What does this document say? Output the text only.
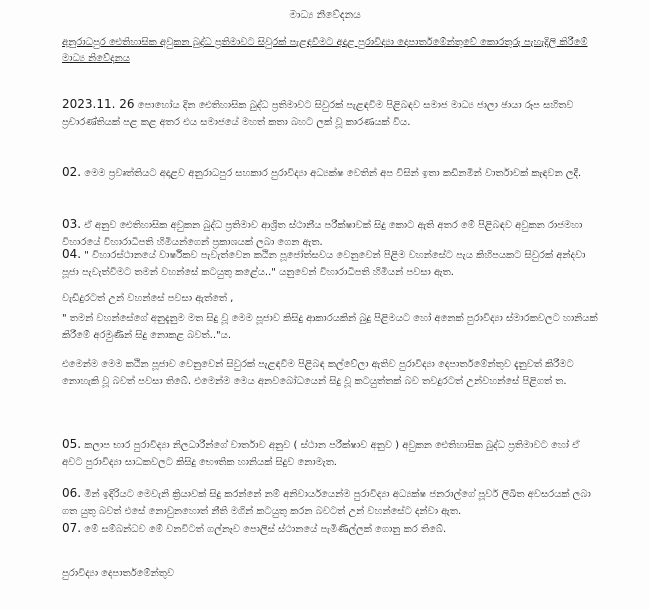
මාධ්‍ය නිවේදනය
අනුරාධපුර ඓතිහාසික අවුකන බුද්ධ ප්‍රතිමාවට සිවුරක් පැළඳවීමට අදාළ පුරාවිද්‍යා දෙපාර්තමේන්තුවේ කොරතුරු පැහැදිලි කිරීමේ මාධ්‍ය නිවේදනය

2023.11. 26 පොහෝය දින ඓතිහාසික බුද්ධ ප්‍රතිමාවට සිවුරක් පැළඳවීම පිළිබඳව සමාජ මාධ්‍ය ජාලා ඡායා රූප සහිතව ප්‍රචාරණ්තියක් පළ කළ අතර එය සමාජයේ මහත් කතා බහට ලක් වූ කාරණයක් විය.

02. මෙම ප්‍රවෘත්තියට අදාළව අනුරාධපුර සහකාර පුරාවිද්‍යා අධ්‍යක්ෂ වෙතින් අප විසින් ඉතා කඩිනමින් වාර්තාවක් කැඳවන ලදී.

03. ඒ අනුව ඓතිහාසික අවුකන බුද්ධ ප්‍රතිමාව ආශ්‍රිත ස්ථානීය පරීක්ෂාවක් සිදු කොට ඇති අතර මේ පිළිබඳව අවුකන රාජමහා විහාරයේ විහාරාධිපති හිමියන්ගෙන් ප්‍රකාශයක් ලබා ගෙන ඇත.

04. " විහාරස්ථානයේ වාර්ෂිකව පැවැත්වෙන කඨින පූජෝත්සවය වෙනුවෙන් පිළිම වහන්සේට පැය කිහිපයකට සිවුරක් අන්දවා පූජා පැවැත්වීමට තමන් වහන්සේ කටයුතු කළේය.." යනුවෙන් විහාරාධිපති හිමියන් පවසා ඇත.

වැඩිදුරටත් උන් වහන්සේ පවසා ඇත්තේ ,

" තමන් වහන්සේගේ අනුදැනුම මත සිදු වූ මෙම පූජාව කිසිදු ආකාරයකින් බුදු පිළිමයට හෝ අනෙක් පුරාවිද්‍යා ස්මාරකවලට හානියක් කිරීමේ අරමුණින් සිදු නොකළ බවත්.."ය.

එමෙන්ම මෙම කඨින පූජාව වෙනුවෙන් සිවුරක් පැළඳවීම පිළිබඳ කල්වේලා ඇතිව පුරාවිද්‍යා දෙපාර්තමේන්තුව දැනුවත් කිරීමට නොහැකි වූ බවත් පවසා තිබේ. එමෙන්ම මෙය අනවබෝධයෙන් සිදු වූ කටයුත්තක් බව තවදුරටත් උන්වහන්සේ පිළිගත් ත.

05. කලාප භාර පුරාවිද්‍යා නිලධාරීන්ගේ වාර්තාව අනුව ( ස්ථාන පරීක්ෂාව අනුව ) අවුකන ඓතිහාසික බුද්ධ ප්‍රතිමාවට හෝ ඒ අවට පුරාවිද්‍යා සාධකවලට කිසිදු භෞතික හානියක් සිදුව නොමැත.

06. මින් ඉදිරියට මෙවැනි ක්‍රියාවක් සිදු කරන්නේ නම් අනිවාර්යයෙන්ම පුරාවිද්‍යා අධ්‍යක්ෂ ජනරාල්ගේ පූර්ව ලිඛිත අවසරයක් ලබා ගත යුතු බවත් එසේ නොවුනහොත් නීති මගින් කටයුතු කරන බවටත් උන් වහන්සේට දන්වා ඇත.

07. මේ සම්බන්ධව මේ වනවිටත් ගල්නෑව පොලිස් ස්ථානයේ පැමිණිල්ලක් ගොනු කර තිබේ.

පුරාවිද්‍යා දෙපාර්තමේන්තුව
